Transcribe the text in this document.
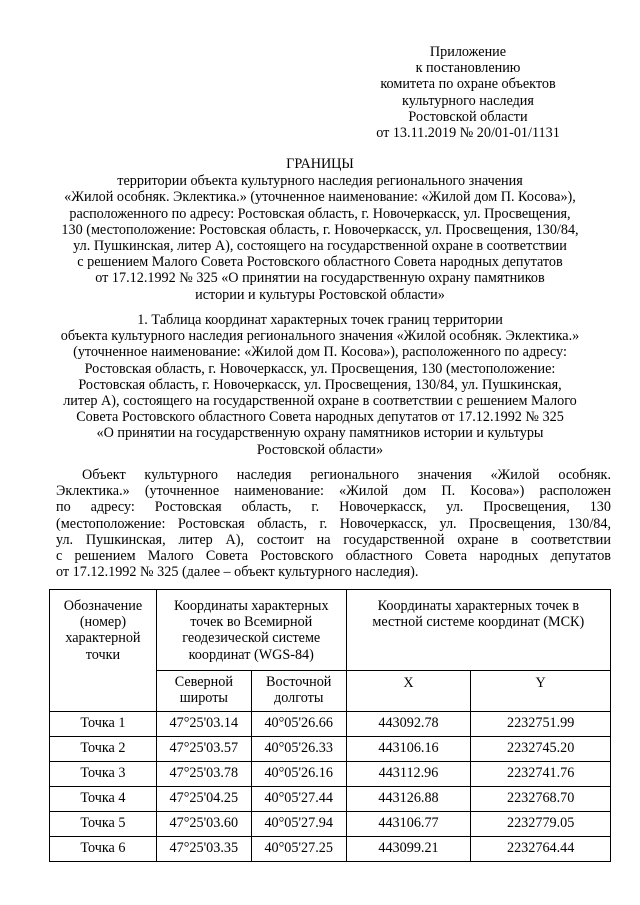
Приложение
к постановлению
комитета по охране объектов
культурного наследия
Ростовской области
от 13.11.2019 № 20/01-01/1131
ГРАНИЦЫ
территории объекта культурного наследия регионального значения
«Жилой особняк. Эклектика.» (уточненное наименование: «Жилой дом П. Косова»),
расположенного по адресу: Ростовская область, г. Новочеркасск, ул. Просвещения,
130 (местоположение: Ростовская область, г. Новочеркасск, ул. Просвещения, 130/84,
ул. Пушкинская, литер А), состоящего на государственной охране в соответствии
с решением Малого Совета Ростовского областного Совета народных депутатов
от 17.12.1992 № 325 «О принятии на государственную охрану памятников
истории и культуры Ростовской области»
1. Таблица координат характерных точек границ территории
объекта культурного наследия регионального значения «Жилой особняк. Эклектика.»
(уточненное наименование: «Жилой дом П. Косова»), расположенного по адресу:
Ростовская область, г. Новочеркасск, ул. Просвещения, 130 (местоположение:
Ростовская область, г. Новочеркасск, ул. Просвещения, 130/84, ул. Пушкинская,
литер А), состоящего на государственной охране в соответствии с решением Малого
Совета Ростовского областного Совета народных депутатов от 17.12.1992 № 325
«О принятии на государственную охрану памятников истории и культуры
Ростовской области»
Объект культурного наследия регионального значения «Жилой особняк.
Эклектика.» (уточненное наименование: «Жилой дом П. Косова») расположен
по адресу: Ростовская область, г. Новочеркасск, ул. Просвещения, 130
(местоположение: Ростовская область, г. Новочеркасск, ул. Просвещения, 130/84,
ул. Пушкинская, литер А), состоит на государственной охране в соответствии
с решением Малого Совета Ростовского областного Совета народных депутатов
от 17.12.1992 № 325 (далее – объект культурного наследия).
Обозначение (номер) характерной точки	Координаты характерных точек во Всемирной геодезической системе координат (WGS-84)		Координаты характерных точек в местной системе координат (МСК)	
	Северной широты	Восточной долготы	X	Y
Точка 1	47°25'03.14	40°05'26.66	443092.78	2232751.99
Точка 2	47°25'03.57	40°05'26.33	443106.16	2232745.20
Точка 3	47°25'03.78	40°05'26.16	443112.96	2232741.76
Точка 4	47°25'04.25	40°05'27.44	443126.88	2232768.70
Точка 5	47°25'03.60	40°05'27.94	443106.77	2232779.05
Точка 6	47°25'03.35	40°05'27.25	443099.21	2232764.44
